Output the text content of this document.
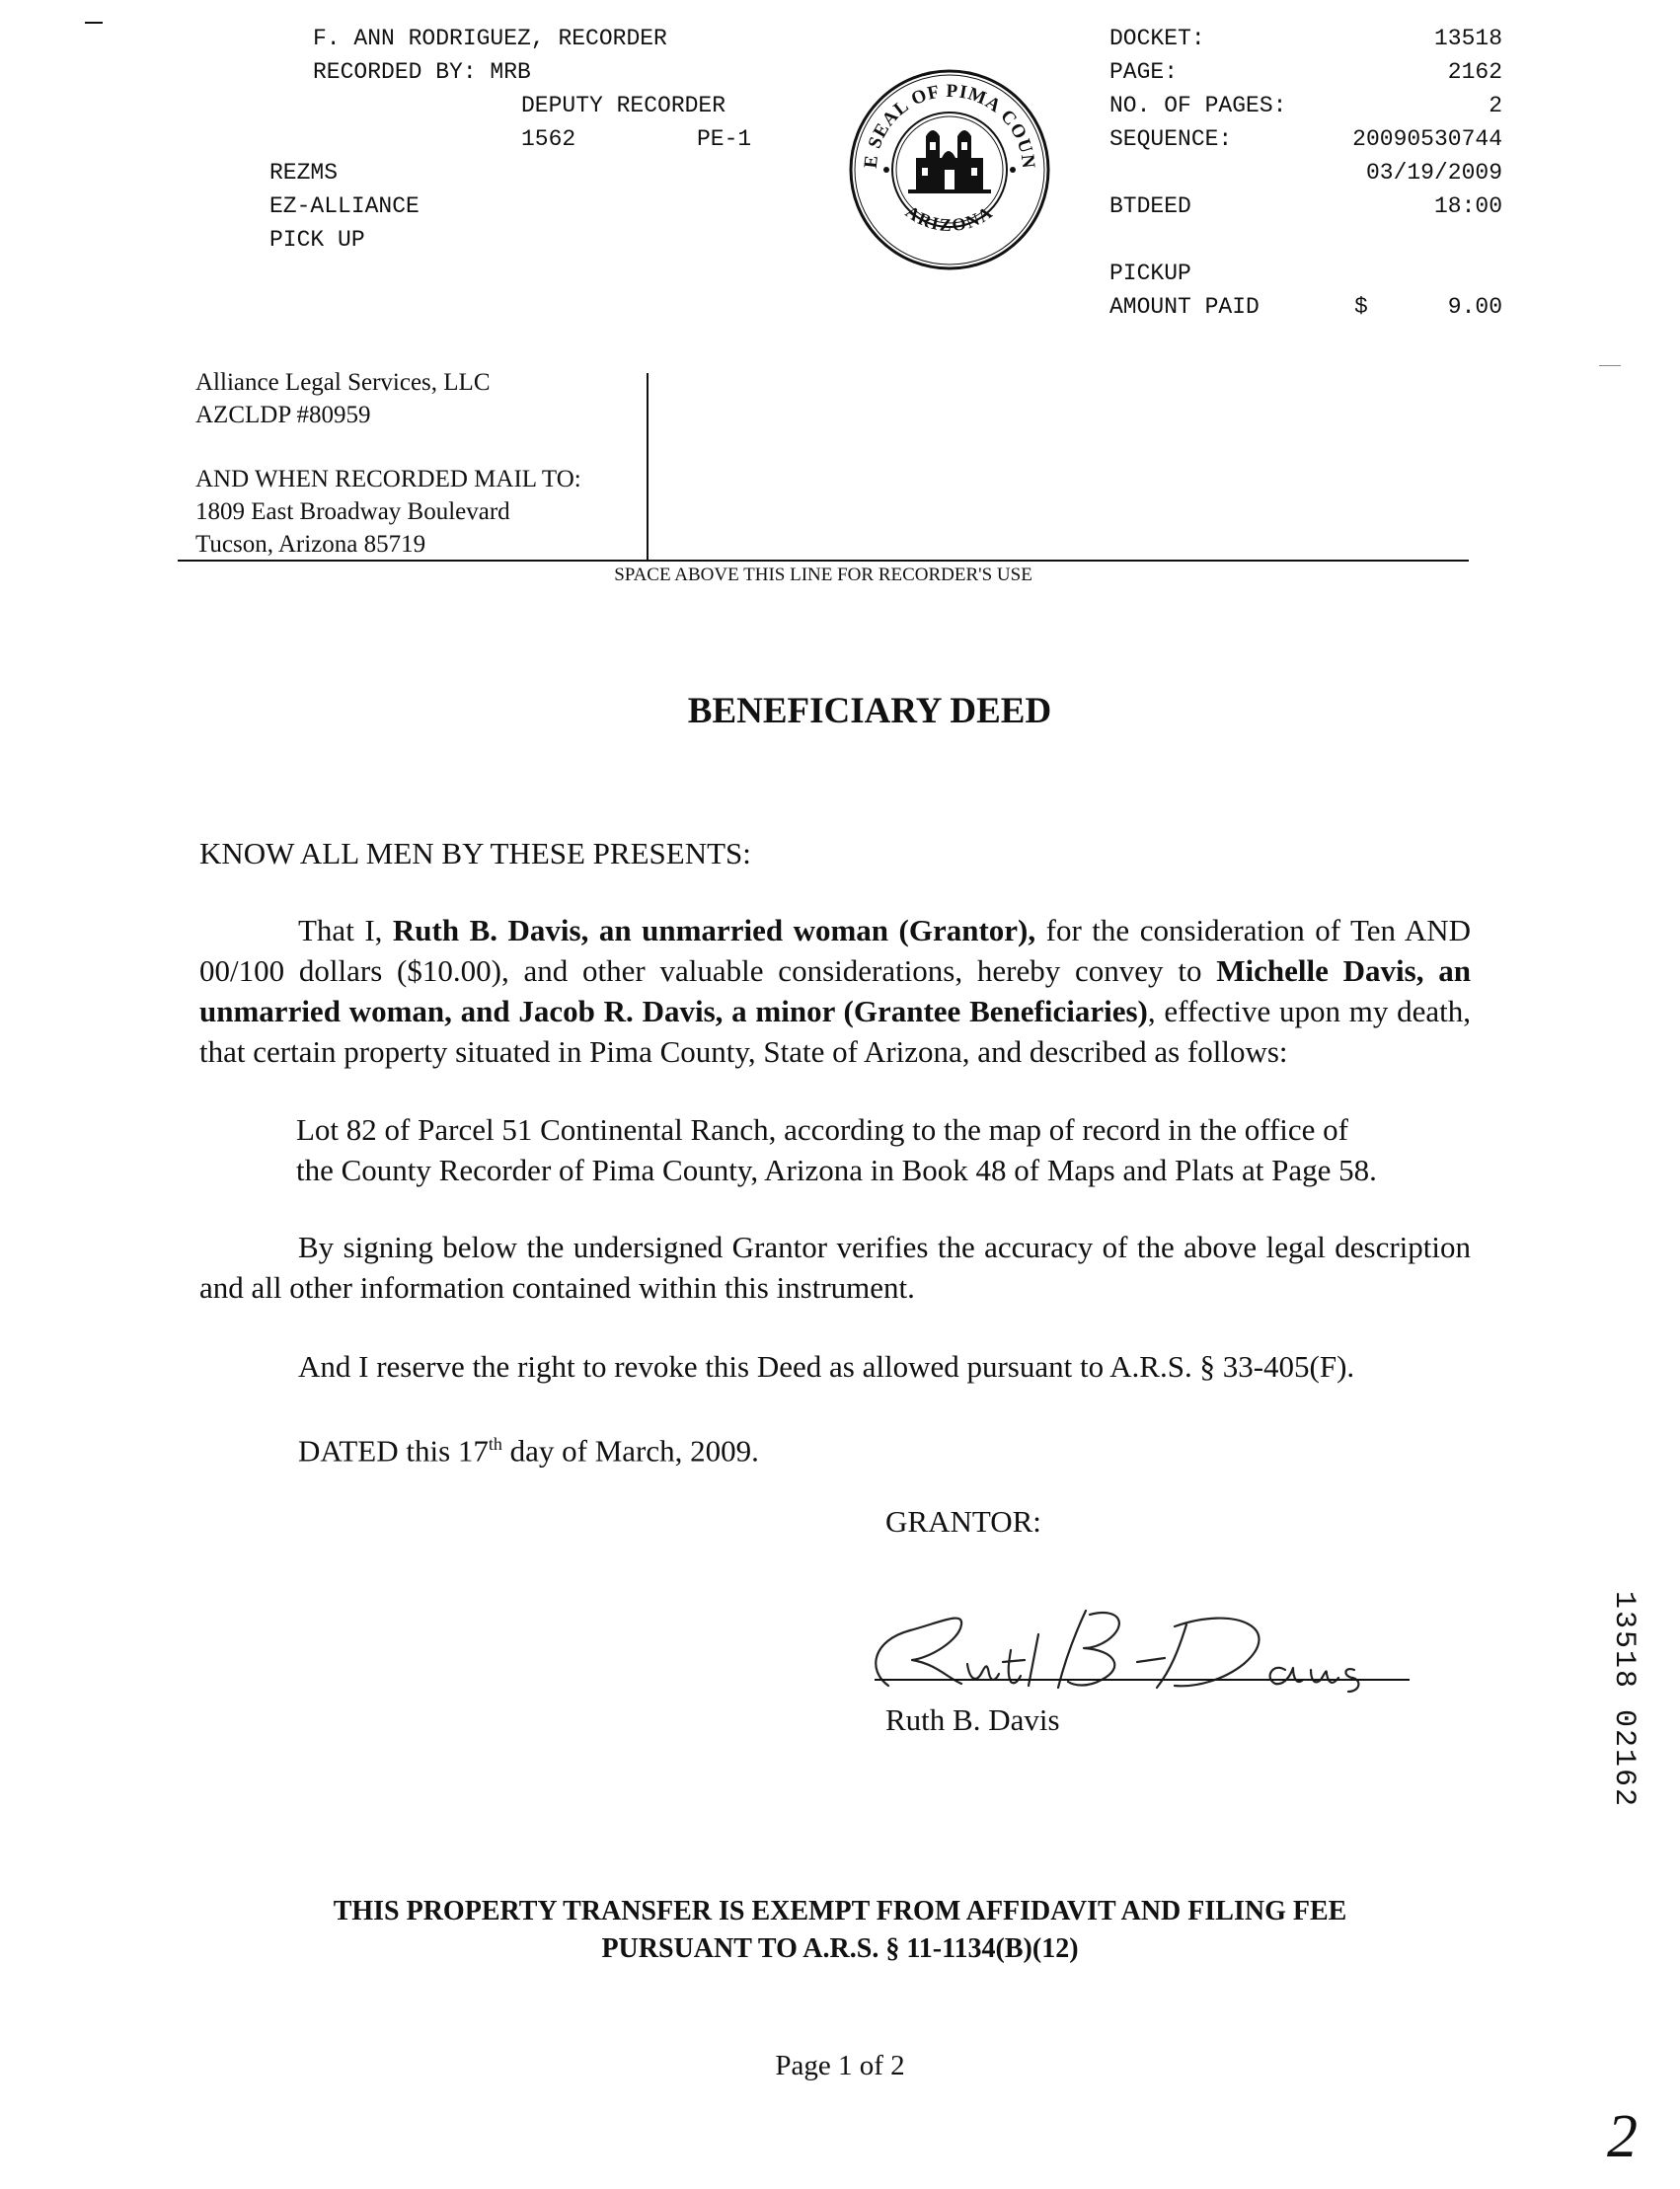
F. ANN RODRIGUEZ, RECORDER
RECORDED BY: MRB
DEPUTY RECORDER
1562	PE-1
REZMS
EZ-ALLIANCE
PICK UP
E SEAL OF PIMA COUN
ARIZONA
DOCKET:	13518
PAGE:	2162
NO. OF PAGES:	2
SEQUENCE:	20090530744
03/19/2009
BTDEED	18:00
PICKUP
AMOUNT PAID	$	9.00
Alliance Legal Services, LLC
AZCLDP #80959
AND WHEN RECORDED MAIL TO:
1809 East Broadway Boulevard
Tucson, Arizona 85719
SPACE ABOVE THIS LINE FOR RECORDER'S USE
BENEFICIARY DEED
KNOW ALL MEN BY THESE PRESENTS:
That I, Ruth B. Davis, an unmarried woman (Grantor), for the consideration of Ten AND 00/100 dollars ($10.00), and other valuable considerations, hereby convey to Michelle Davis, an unmarried woman, and Jacob R. Davis, a minor (Grantee Beneficiaries), effective upon my death, that certain property situated in Pima County, State of Arizona, and described as follows:
Lot 82 of Parcel 51 Continental Ranch, according to the map of record in the office of
the County Recorder of Pima County, Arizona in Book 48 of Maps and Plats at Page 58.
By signing below the undersigned Grantor verifies the accuracy of the above legal description and all other information contained within this instrument.
And I reserve the right to revoke this Deed as allowed pursuant to A.R.S. § 33-405(F).
DATED this 17th day of March, 2009.
GRANTOR:
Ruth B. Davis
THIS PROPERTY TRANSFER IS EXEMPT FROM AFFIDAVIT AND FILING FEE
PURSUANT TO A.R.S. § 11-1134(B)(12)
Page 1 of 2
13518 02162
2
